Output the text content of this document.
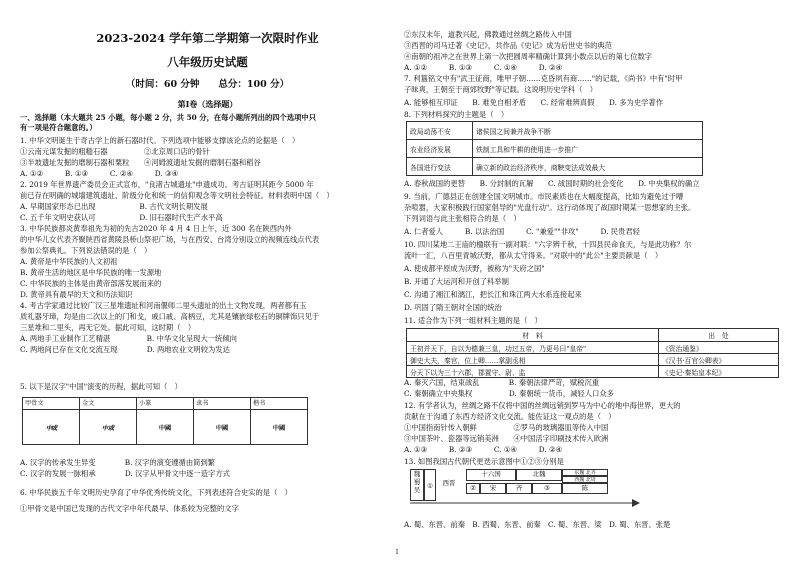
2023-2024 学年第二学期第一次限时作业
八年级历史试题
（时间：60 分钟　　总分：100 分）
第Ⅰ卷（选择题）
一、选择题（本大题共 25 小题，每小题 2 分，共 50 分，在每小题所列出的四个选项中只
有一项是符合题意的。）
1. 中华文明诞生于奇古学上的新石器时代。下列选项中能够支撑该论点的论据是（　）
①云南元谋发掘的粗糙石器　　　　　②北京周口店的骨针
③半坡遗址发掘的磨制石器和粟粒　　④河姆渡遗址发掘的磨制石器和稻谷
A. ①②　　　B. ①③　　　C. ②④　　　D. ③④
2. 2019 年世界遗产委员会正式宣布，"良渚古城遗址"申遗成功。考古证明其距今 5000 年
前已存在明确的城墙建筑遗址、阶级分化和统一的信仰观念等文明社会特征。材料表明中国（　）
A. 早期国家形态已出现　　　　　　B. 古代文明长期发展
C. 五千年文明史获认可　　　　　　D. 旧石器时代生产水平高
3. 中华民族都炎黄奉祖先为初的先古2020 年 4 月 4 日上午，近 300 名在陕西内外
的中华儿女代表齐聚陕西省黄陵县桥山祭祀广场，与在西安、台湾分别设立的视频连线点代表
参加公祭典礼。下列说法错误的是（　）
A. 黄帝是中华民族的人文初祖
B. 黄帝生活的地区是中华民族的唯一发源地
C. 中华民族的主体是由黄帝部落发展而来的
D. 黄帝具有最早的天文和历法知识
4. 考古学家通过比较广汉三星堆遗址和河南偃师二里头遗址的出土文物发现，两者都有玉
质礼器牙璋，均是由二次以上的门和戈，戚口戚、高柄豆，尤其是镶嵌绿松石的铜牌饰只见于
三星堆和二里头，再无它处。据此可知，这时期（　）
A. 两地手工业制作工艺精湛　　　　　B. 中华文化呈现大一统倾向
C. 两地间已存在文化交流互现　　　　D. 两地农业文明较为发达
5. 以下是汉字"中国"演变的历程，据此可知（　）
甲骨文	金文	小篆	隶书	楷书
中或	中或	中國	中國	中國
A. 汉字的传承发生异变　　　　B. 汉字的演变遵循由简到繁
C. 汉字的发展一脉相承　　　　D. 汉字从甲骨文中逐一造字方式
6. 中华民族五千年文明历史孕育了中华优秀传统文化，下列表述符合史实的是（　）
①甲骨文是中国已发现的古代文字中年代最早、体系较为完整的文字
②东汉末年，道教兴起，佛教通过丝绸之路传入中国
③西晋的司马迁著《史记》，共作品《史记》成为后世史书的典范
④南朝的祖冲之在世界上第一次把圆周率精确计算到小数点以后的第七位数字
A. ①②　　　B. ①③　　　C. ①④　　　D. ②④
7. 利簋铭文中有"武王征商，唯甲子朝……克昏夙有商……"的记载，《尚书》中有"时甲
子昧爽，王朝至于商郊牧野"等记载。这说明历史学科（　）
A. 能够相互印证　　B. 难免自相矛盾　　C. 经常难辨真假　　D. 多为史学著作
8. 下列材料探究的主题是（　）
政局动荡不安	诸侯国之间兼并战争不断
农业经济发展	铁制工具和牛耕的使用进一步推广
各国进行变法	确立新的政治经济秩序，商鞅变法成效最大
A. 春秋战国的更替　　B. 分封制的瓦解　　C. 战国时期的社会变化　　D. 中央集权的确立
9. 当前，广德县正在创建全国文明城市。市民素质也在大幅度提高，比如为避免过于嘈
杂喧嚣，大家积极践行国家倡导的"光盘行动"。这行动体现了战国时期某一思想家的主张。
下列词语与此主张相符合的是（　）
A. 仁者爱人　　　B. 以法治国　　　C. "兼爱""非攻"　　　D. 民贵君轻
10. 四川某地二王庙的楹联有一副对联："六字辨千秋，十四县民命食天，与是此功称？尔
流叶一汇，八百里青城沃野，都从太守得来。"对联中的"此公"主要贡献是（　）
A. 使成都平原成为沃野，被称为"天府之国"
B. 开通了大运河和开创了科举制
C. 沟通了湘江和漓江，把长江和珠江两大水系连接起来
D. 巩固了隋王朝对全国的统治
11. 适合作为下列一组材料主题的是（　）
材　料	出　处
王初并天下，自以为德兼三皇，功过五帝，乃更号曰"皇帝"	《资治通鉴》
御史大夫，秦官，位上卿……掌副丞相	《汉书·百官公卿表》
分天下以为三十六郡，郡置守、尉、监	《史记·秦始皇本纪》
A. 秦灭六国，结束战乱　　　　B. 秦朝法律严苛，赋税沉重
C. 秦朝确立中央集权　　　　　D. 秦朝统一货币，减轻人口众多
12. 有学者认为，丝绸之路不仅将中国的丝绸远销到罗马为中心的地中海世界，更大的
贡献在于沟通了东西方经济文化交流。能佐证这一观点的是（　）
①中国指南针传入朝鲜　　　　　②罗马的玻璃器皿等传入中国
③中国茶叶、瓷器等远销美洲　　④中国活字印刷技术传入欧洲
A. ①③　　　B. ②③　　　C. ①④　　　D. ②④
13. 如图我国古代朝代更迭示意图中①②③分别是
魏
蜀
吴	①	西晋
十六国	北魏	东魏 北齐
西魏 北周
②	宋	齐	③	陈
A. 蜀、东晋、前秦　B. 西蜀、东晋、前秦　C. 蜀、东晋、梁　D. 蜀、东晋、张楚
1
